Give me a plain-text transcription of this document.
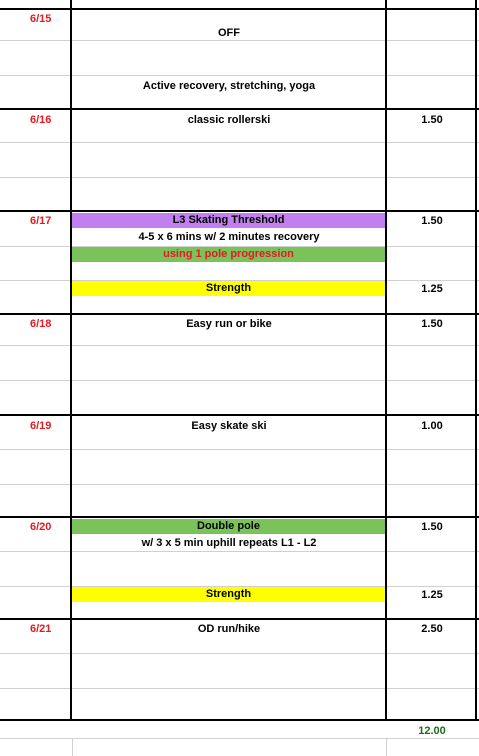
6/15
OFF
Active recovery, stretching, yoga
6/16	classic rollerski	1.50
6/17	L3 Skating Threshold	1.50
4-5 x 6 mins w/ 2 minutes recovery
using 1 pole progression
Strength	1.25
6/18	Easy run or bike	1.50
6/19	Easy skate ski	1.00
6/20	Double pole	1.50
w/ 3 x 5 min uphill repeats L1 - L2
Strength	1.25
6/21	OD run/hike	2.50
12.00
